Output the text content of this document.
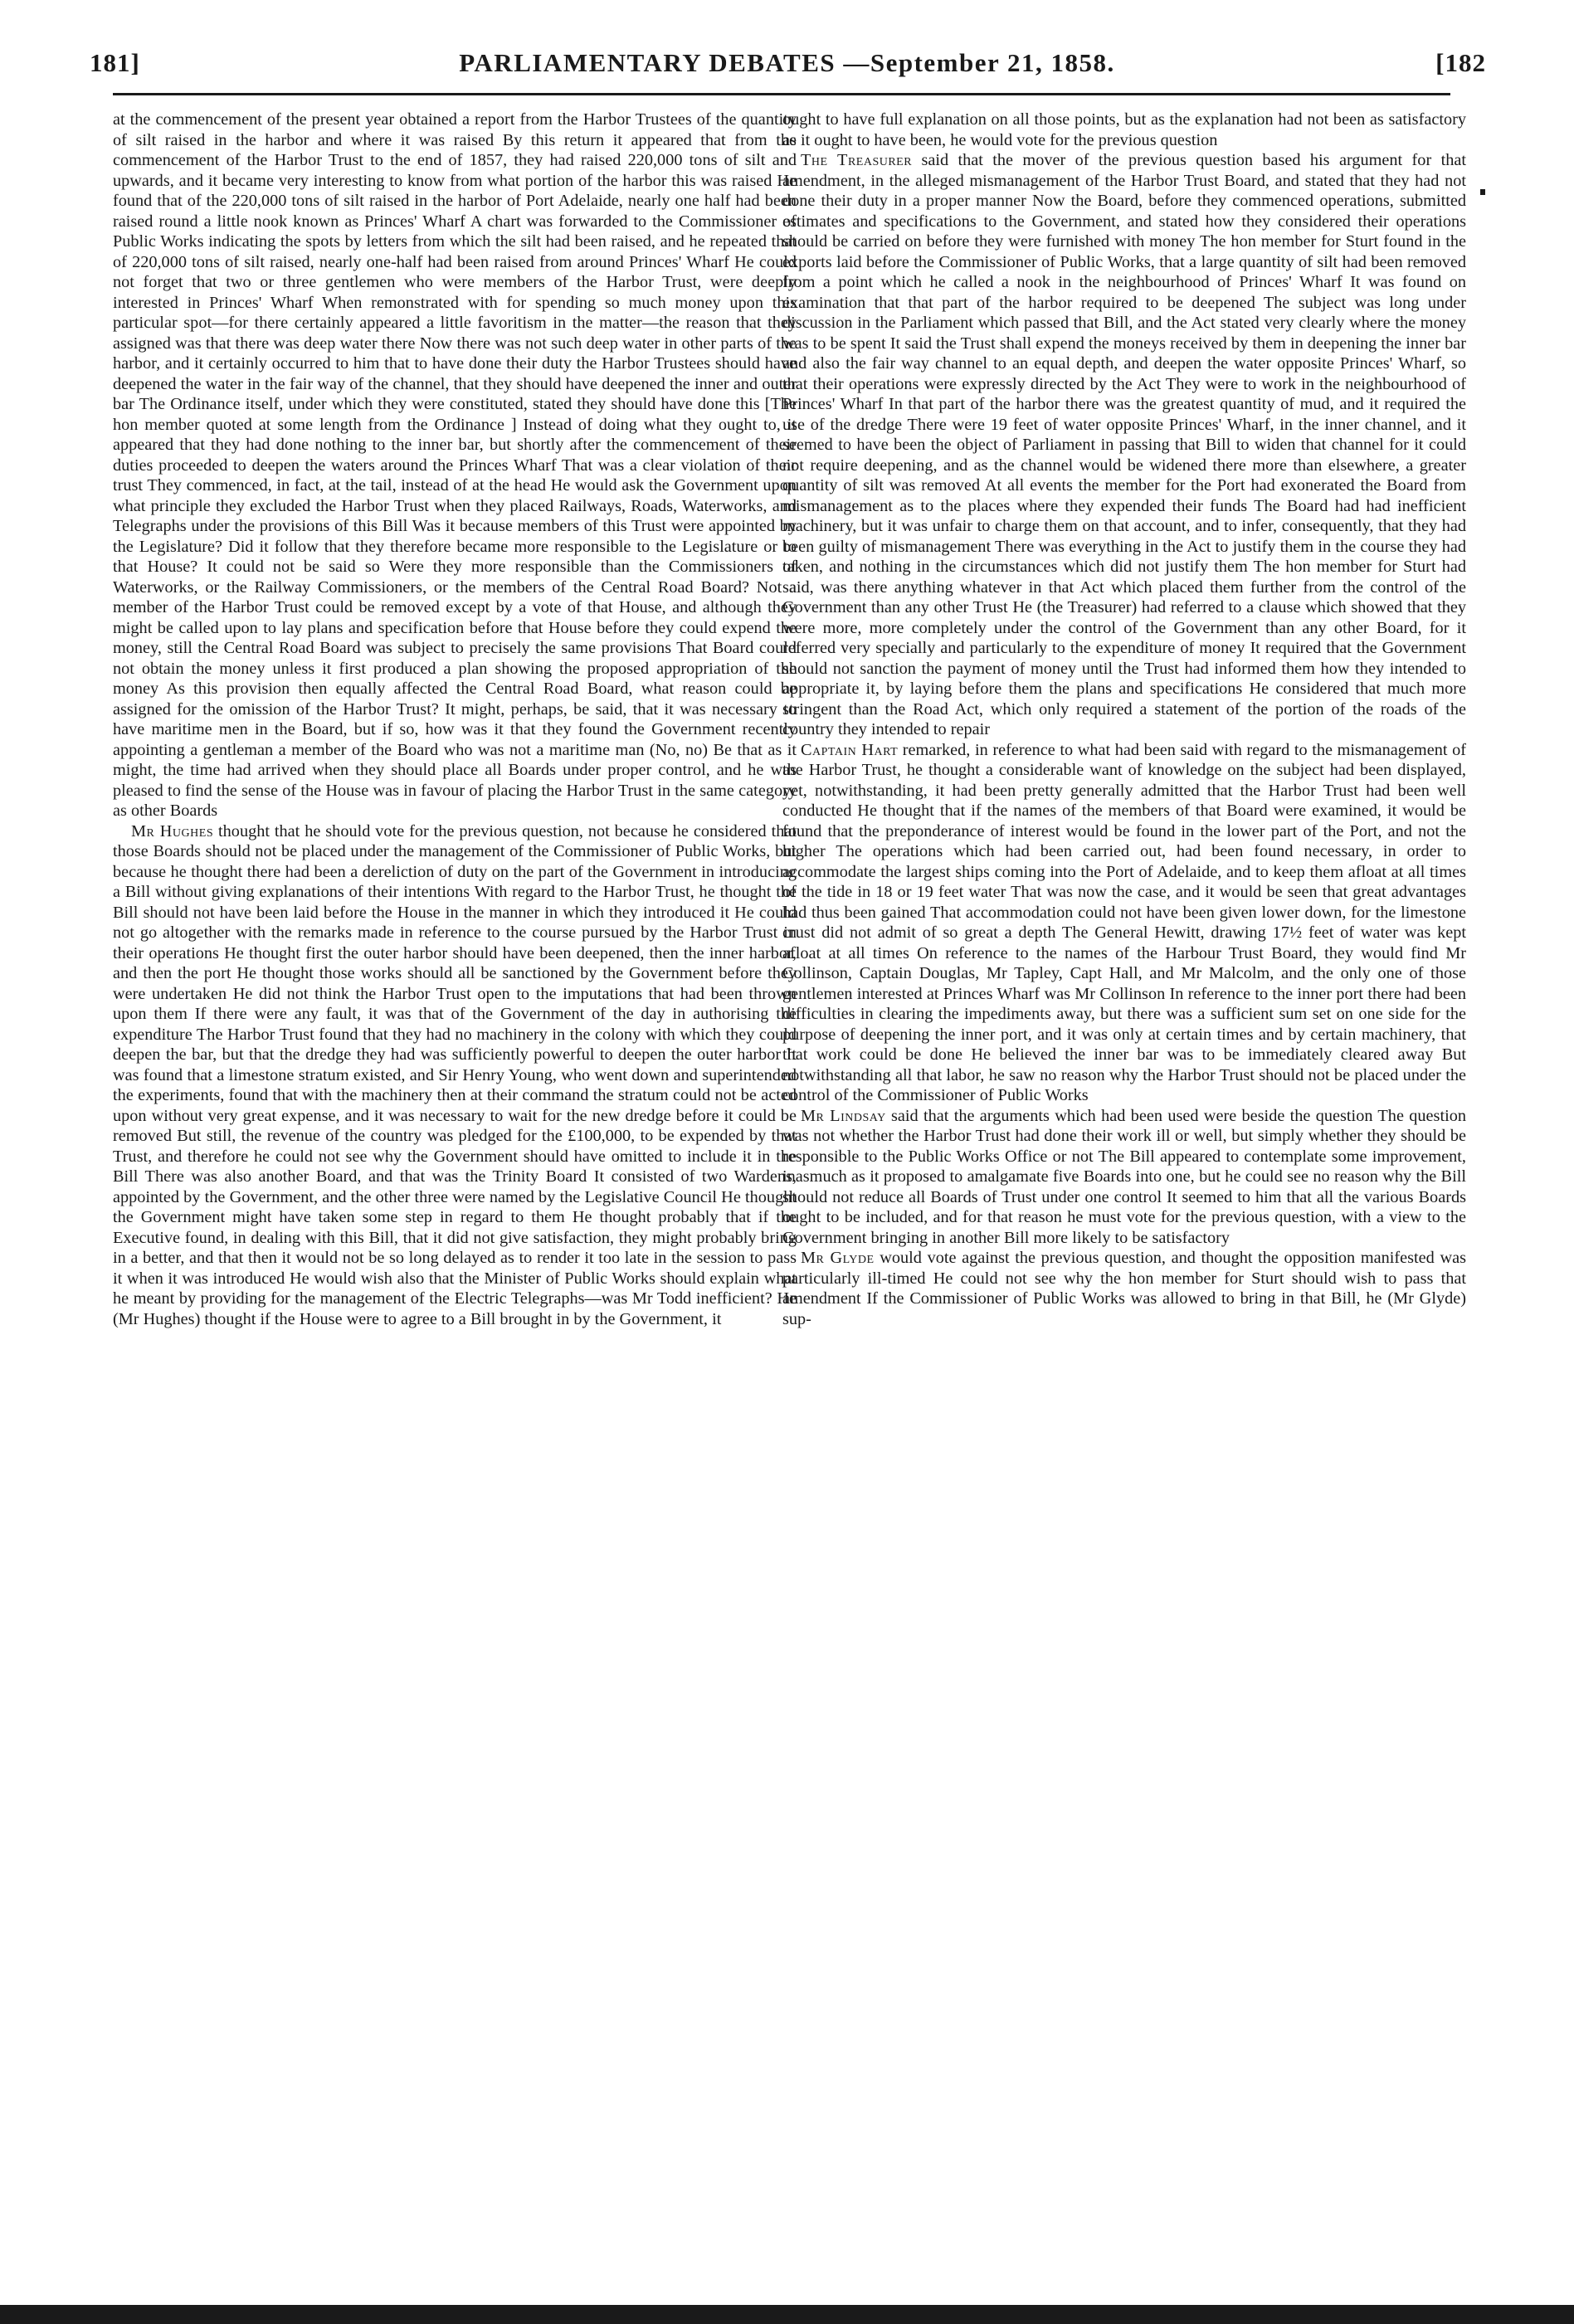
181]	PARLIAMENTARY DEBATES —September 21, 1858.	[182

at the commencement of the present year obtained a report from the Harbor Trustees of the quantity of silt raised in the harbor and where it was raised By this return it appeared that from the commencement of the Harbor Trust to the end of 1857, they had raised 220,000 tons of silt and upwards, and it became very interesting to know from what portion of the harbor this was raised He found that of the 220,000 tons of silt raised in the harbor of Port Adelaide, nearly one half had been raised round a little nook known as Princes' Wharf A chart was forwarded to the Commissioner of Public Works indicating the spots by letters from which the silt had been raised, and he repeated that of 220,000 tons of silt raised, nearly one-half had been raised from around Princes' Wharf He could not forget that two or three gentlemen who were members of the Harbor Trust, were deeply interested in Princes' Wharf When remonstrated with for spending so much money upon this particular spot—for there certainly appeared a little favoritism in the matter—the reason that they assigned was that there was deep water there Now there was not such deep water in other parts of the harbor, and it certainly occurred to him that to have done their duty the Harbor Trustees should have deepened the water in the fair way of the channel, that they should have deepened the inner and outer bar The Ordinance itself, under which they were constituted, stated they should have done this [The hon member quoted at some length from the Ordinance ] Instead of doing what they ought to, it appeared that they had done nothing to the inner bar, but shortly after the commencement of their duties proceeded to deepen the waters around the Princes Wharf That was a clear violation of their trust They commenced, in fact, at the tail, instead of at the head He would ask the Government upon what principle they excluded the Harbor Trust when they placed Railways, Roads, Waterworks, and Telegraphs under the provisions of this Bill Was it because members of this Trust were appointed by the Legislature? Did it follow that they therefore became more responsible to the Legislature or to that House? It could not be said so Were they more responsible than the Commissioners of Waterworks, or the Railway Commissioners, or the members of the Central Road Board? Not a member of the Harbor Trust could be removed except by a vote of that House, and although they might be called upon to lay plans and specification before that House before they could expend the money, still the Central Road Board was subject to precisely the same provisions That Board could not obtain the money unless it first produced a plan showing the proposed appropriation of the money As this provision then equally affected the Central Road Board, what reason could be assigned for the omission of the Harbor Trust? It might, perhaps, be said, that it was necessary to have maritime men in the Board, but if so, how was it that they found the Government recently appointing a gentleman a member of the Board who was not a maritime man (No, no) Be that as it might, the time had arrived when they should place all Boards under proper control, and he was pleased to find the sense of the House was in favour of placing the Harbor Trust in the same category as other Boards

Mr Hughes thought that he should vote for the previous question, not because he considered that those Boards should not be placed under the management of the Commissioner of Public Works, but because he thought there had been a dereliction of duty on the part of the Government in introducing a Bill without giving explanations of their intentions With regard to the Harbor Trust, he thought the Bill should not have been laid before the House in the manner in which they introduced it He could not go altogether with the remarks made in reference to the course pursued by the Harbor Trust in their operations He thought first the outer harbor should have been deepened, then the inner harbor, and then the port He thought those works should all be sanctioned by the Government before they were undertaken He did not think the Harbor Trust open to the imputations that had been thrown upon them If there were any fault, it was that of the Government of the day in authorising the expenditure The Harbor Trust found that they had no machinery in the colony with which they could deepen the bar, but that the dredge they had was sufficiently powerful to deepen the outer harbor It was found that a limestone stratum existed, and Sir Henry Young, who went down and superintended the experiments, found that with the machinery then at their command the stratum could not be acted upon without very great expense, and it was necessary to wait for the new dredge before it could be removed But still, the revenue of the country was pledged for the £100,000, to be expended by that Trust, and therefore he could not see why the Government should have omitted to include it in the Bill There was also another Board, and that was the Trinity Board It consisted of two Wardens, appointed by the Government, and the other three were named by the Legislative Council He thought the Government might have taken some step in regard to them He thought probably that if the Executive found, in dealing with this Bill, that it did not give satisfaction, they might probably bring in a better, and that then it would not be so long delayed as to render it too late in the session to pass it when it was introduced He would wish also that the Minister of Public Works should explain what he meant by providing for the management of the Electric Telegraphs—was Mr Todd inefficient? He (Mr Hughes) thought if the House were to agree to a Bill brought in by the Government, it

ought to have full explanation on all those points, but as the explanation had not been as satisfactory as it ought to have been, he would vote for the previous question

The Treasurer said that the mover of the previous question based his argument for that amendment, in the alleged mismanagement of the Harbor Trust Board, and stated that they had not done their duty in a proper manner Now the Board, before they commenced operations, submitted estimates and specifications to the Government, and stated how they considered their operations should be carried on before they were furnished with money The hon member for Sturt found in the exports laid before the Commissioner of Public Works, that a large quantity of silt had been removed from a point which he called a nook in the neighbourhood of Princes' Wharf It was found on examination that that part of the harbor required to be deepened The subject was long under discussion in the Parliament which passed that Bill, and the Act stated very clearly where the money was to be spent It said the Trust shall expend the moneys received by them in deepening the inner bar and also the fair way channel to an equal depth, and deepen the water opposite Princes' Wharf, so that their operations were expressly directed by the Act They were to work in the neighbourhood of Princes' Wharf In that part of the harbor there was the greatest quantity of mud, and it required the use of the dredge There were 19 feet of water opposite Princes' Wharf, in the inner channel, and it seemed to have been the object of Parliament in passing that Bill to widen that channel for it could not require deepening, and as the channel would be widened there more than elsewhere, a greater quantity of silt was removed At all events the member for the Port had exonerated the Board from mismanagement as to the places where they expended their funds The Board had had inefficient machinery, but it was unfair to charge them on that account, and to infer, consequently, that they had been guilty of mismanagement There was everything in the Act to justify them in the course they had taken, and nothing in the circumstances which did not justify them The hon member for Sturt had said, was there anything whatever in that Act which placed them further from the control of the Government than any other Trust He (the Treasurer) had referred to a clause which showed that they were more, more completely under the control of the Government than any other Board, for it referred very specially and particularly to the expenditure of money It required that the Government should not sanction the payment of money until the Trust had informed them how they intended to appropriate it, by laying before them the plans and specifications He considered that much more stringent than the Road Act, which only required a statement of the portion of the roads of the country they intended to repair

Captain Hart remarked, in reference to what had been said with regard to the mismanagement of the Harbor Trust, he thought a considerable want of knowledge on the subject had been displayed, yet, notwithstanding, it had been pretty generally admitted that the Harbor Trust had been well conducted He thought that if the names of the members of that Board were examined, it would be found that the preponderance of interest would be found in the lower part of the Port, and not the higher The operations which had been carried out, had been found necessary, in order to accommodate the largest ships coming into the Port of Adelaide, and to keep them afloat at all times of the tide in 18 or 19 feet water That was now the case, and it would be seen that great advantages had thus been gained That accommodation could not have been given lower down, for the limestone crust did not admit of so great a depth The General Hewitt, drawing 17½ feet of water was kept afloat at all times On reference to the names of the Harbour Trust Board, they would find Mr Collinson, Captain Douglas, Mr Tapley, Capt Hall, and Mr Malcolm, and the only one of those gentlemen interested at Princes Wharf was Mr Collinson In reference to the inner port there had been difficulties in clearing the impediments away, but there was a sufficient sum set on one side for the purpose of deepening the inner port, and it was only at certain times and by certain machinery, that that work could be done He believed the inner bar was to be immediately cleared away But notwithstanding all that labor, he saw no reason why the Harbor Trust should not be placed under the control of the Commissioner of Public Works

Mr Lindsay said that the arguments which had been used were beside the question The question was not whether the Harbor Trust had done their work ill or well, but simply whether they should be responsible to the Public Works Office or not The Bill appeared to contemplate some improvement, inasmuch as it proposed to amalgamate five Boards into one, but he could see no reason why the Bill should not reduce all Boards of Trust under one control It seemed to him that all the various Boards ought to be included, and for that reason he must vote for the previous question, with a view to the Government bringing in another Bill more likely to be satisfactory

Mr Glyde would vote against the previous question, and thought the opposition manifested was particularly ill-timed He could not see why the hon member for Sturt should wish to pass that amendment If the Commissioner of Public Works was allowed to bring in that Bill, he (Mr Glyde) sup-
